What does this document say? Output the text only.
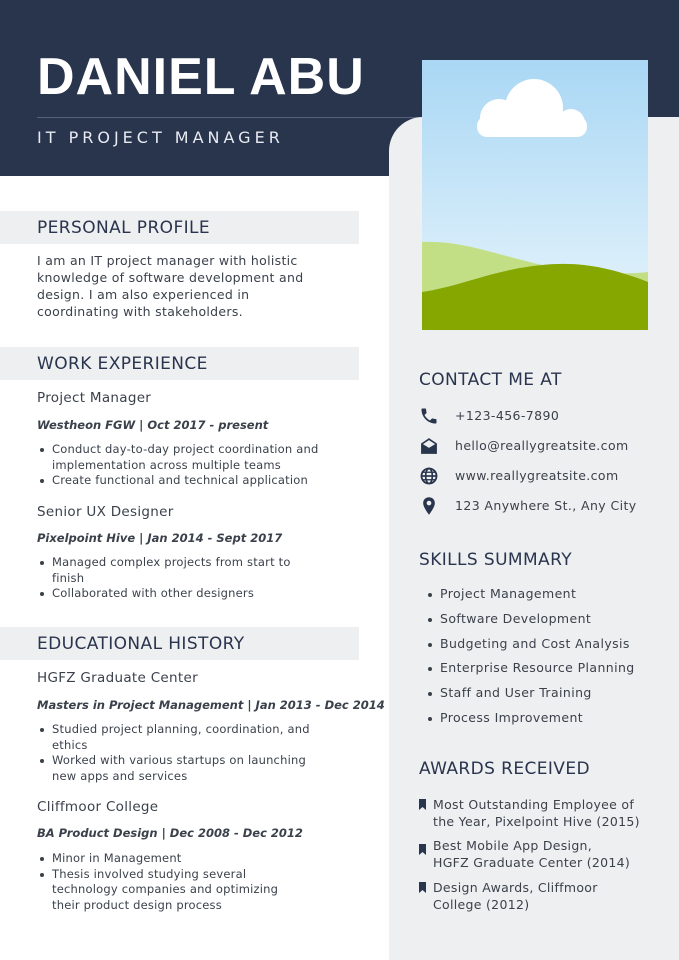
DANIEL ABU
IT PROJECT MANAGER
PERSONAL PROFILE
I am an IT project manager with holistic
knowledge of software development and
design. I am also experienced in
coordinating with stakeholders.
WORK EXPERIENCE
Project Manager
Westheon FGW | Oct 2017 - present
Conduct day-to-day project coordination and
implementation across multiple teams
Create functional and technical application
Senior UX Designer
Pixelpoint Hive | Jan 2014 - Sept 2017
Managed complex projects from start to
finish
Collaborated with other designers
EDUCATIONAL HISTORY
HGFZ Graduate Center
Masters in Project Management | Jan 2013 - Dec 2014
Studied project planning, coordination, and
ethics
Worked with various startups on launching
new apps and services
Cliffmoor College
BA Product Design | Dec 2008 - Dec 2012
Minor in Management
Thesis involved studying several
technology companies and optimizing
their product design process
CONTACT ME AT
+123-456-7890
hello@reallygreatsite.com
www.reallygreatsite.com
123 Anywhere St., Any City
SKILLS SUMMARY
Project Management
Software Development
Budgeting and Cost Analysis
Enterprise Resource Planning
Staff and User Training
Process Improvement
AWARDS RECEIVED
Most Outstanding Employee of
the Year, Pixelpoint Hive (2015)
Best Mobile App Design,
HGFZ Graduate Center (2014)
Design Awards, Cliffmoor
College (2012)
